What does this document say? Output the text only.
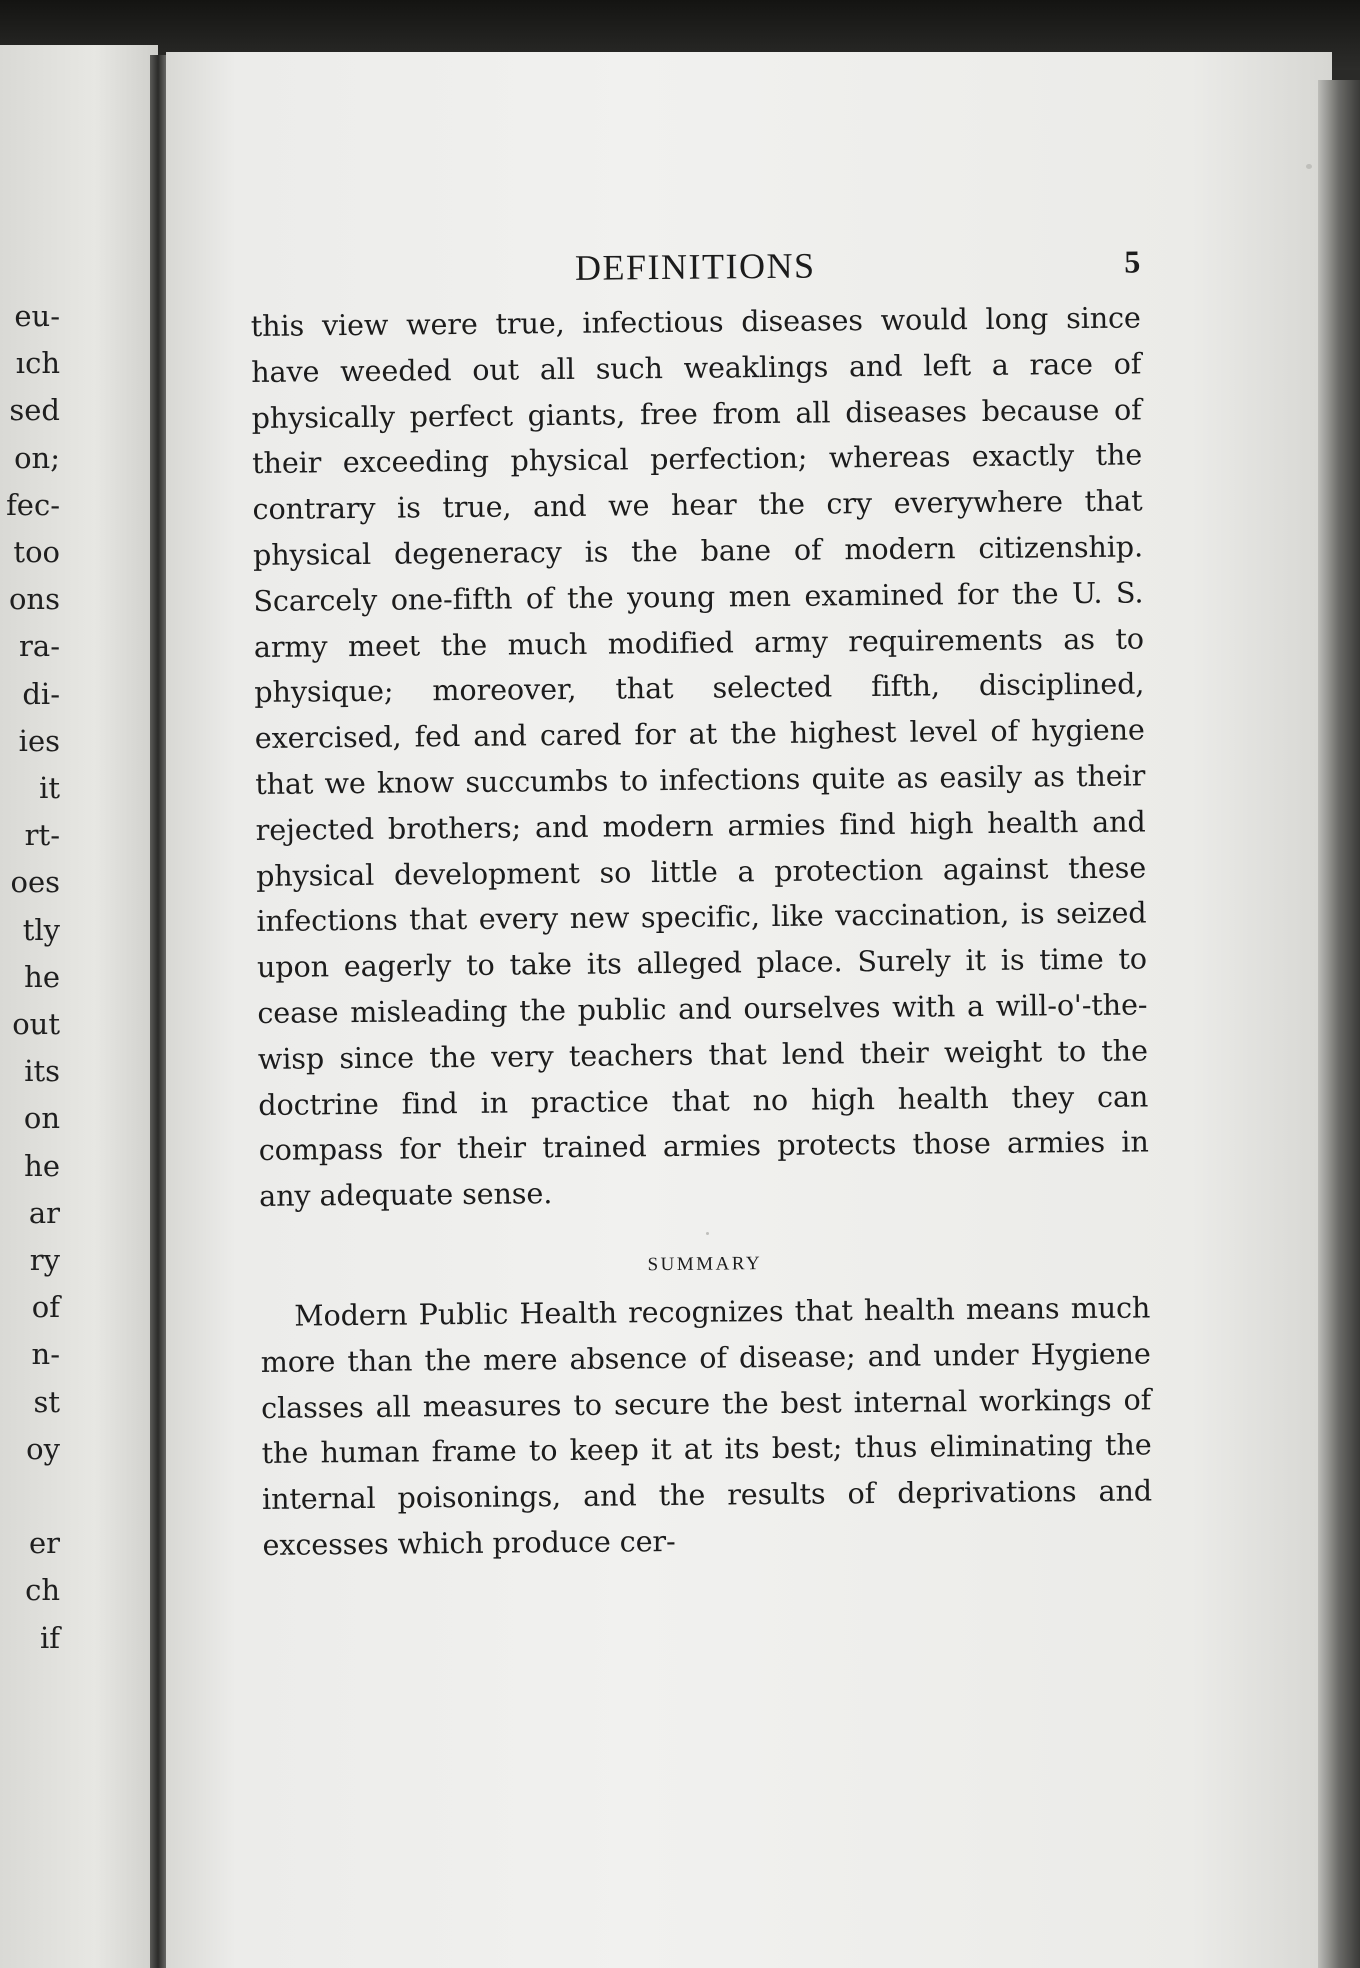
eu-
ıch
sed
on;
fec-
too
ons
ra-
di-
ies
it
rt-
oes
tly
he
out
its
on
he
ar
ry
of
n-
st
oy
er
ch
if
DEFINITIONS	5

this view were true, infectious diseases would long since have weeded out all such weaklings and left a race of physically perfect giants, free from all diseases because of their exceeding physical perfection; whereas exactly the contrary is true, and we hear the cry everywhere that physical degeneracy is the bane of modern citizenship. Scarcely one-fifth of the young men examined for the U. S. army meet the much modified army requirements as to physique; moreover, that selected fifth, disciplined, exercised, fed and cared for at the highest level of hygiene that we know succumbs to infections quite as easily as their rejected brothers; and modern armies find high health and physical development so little a protection against these infections that every new specific, like vaccination, is seized upon eagerly to take its alleged place. Surely it is time to cease misleading the public and ourselves with a will-o'-the-wisp since the very teachers that lend their weight to the doctrine find in practice that no high health they can compass for their trained armies protects those armies in any adequate sense.

SUMMARY

Modern Public Health recognizes that health means much more than the mere absence of disease; and under Hygiene classes all measures to secure the best internal workings of the human frame to keep it at its best; thus eliminating the internal poisonings, and the results of deprivations and excesses which produce cer-
